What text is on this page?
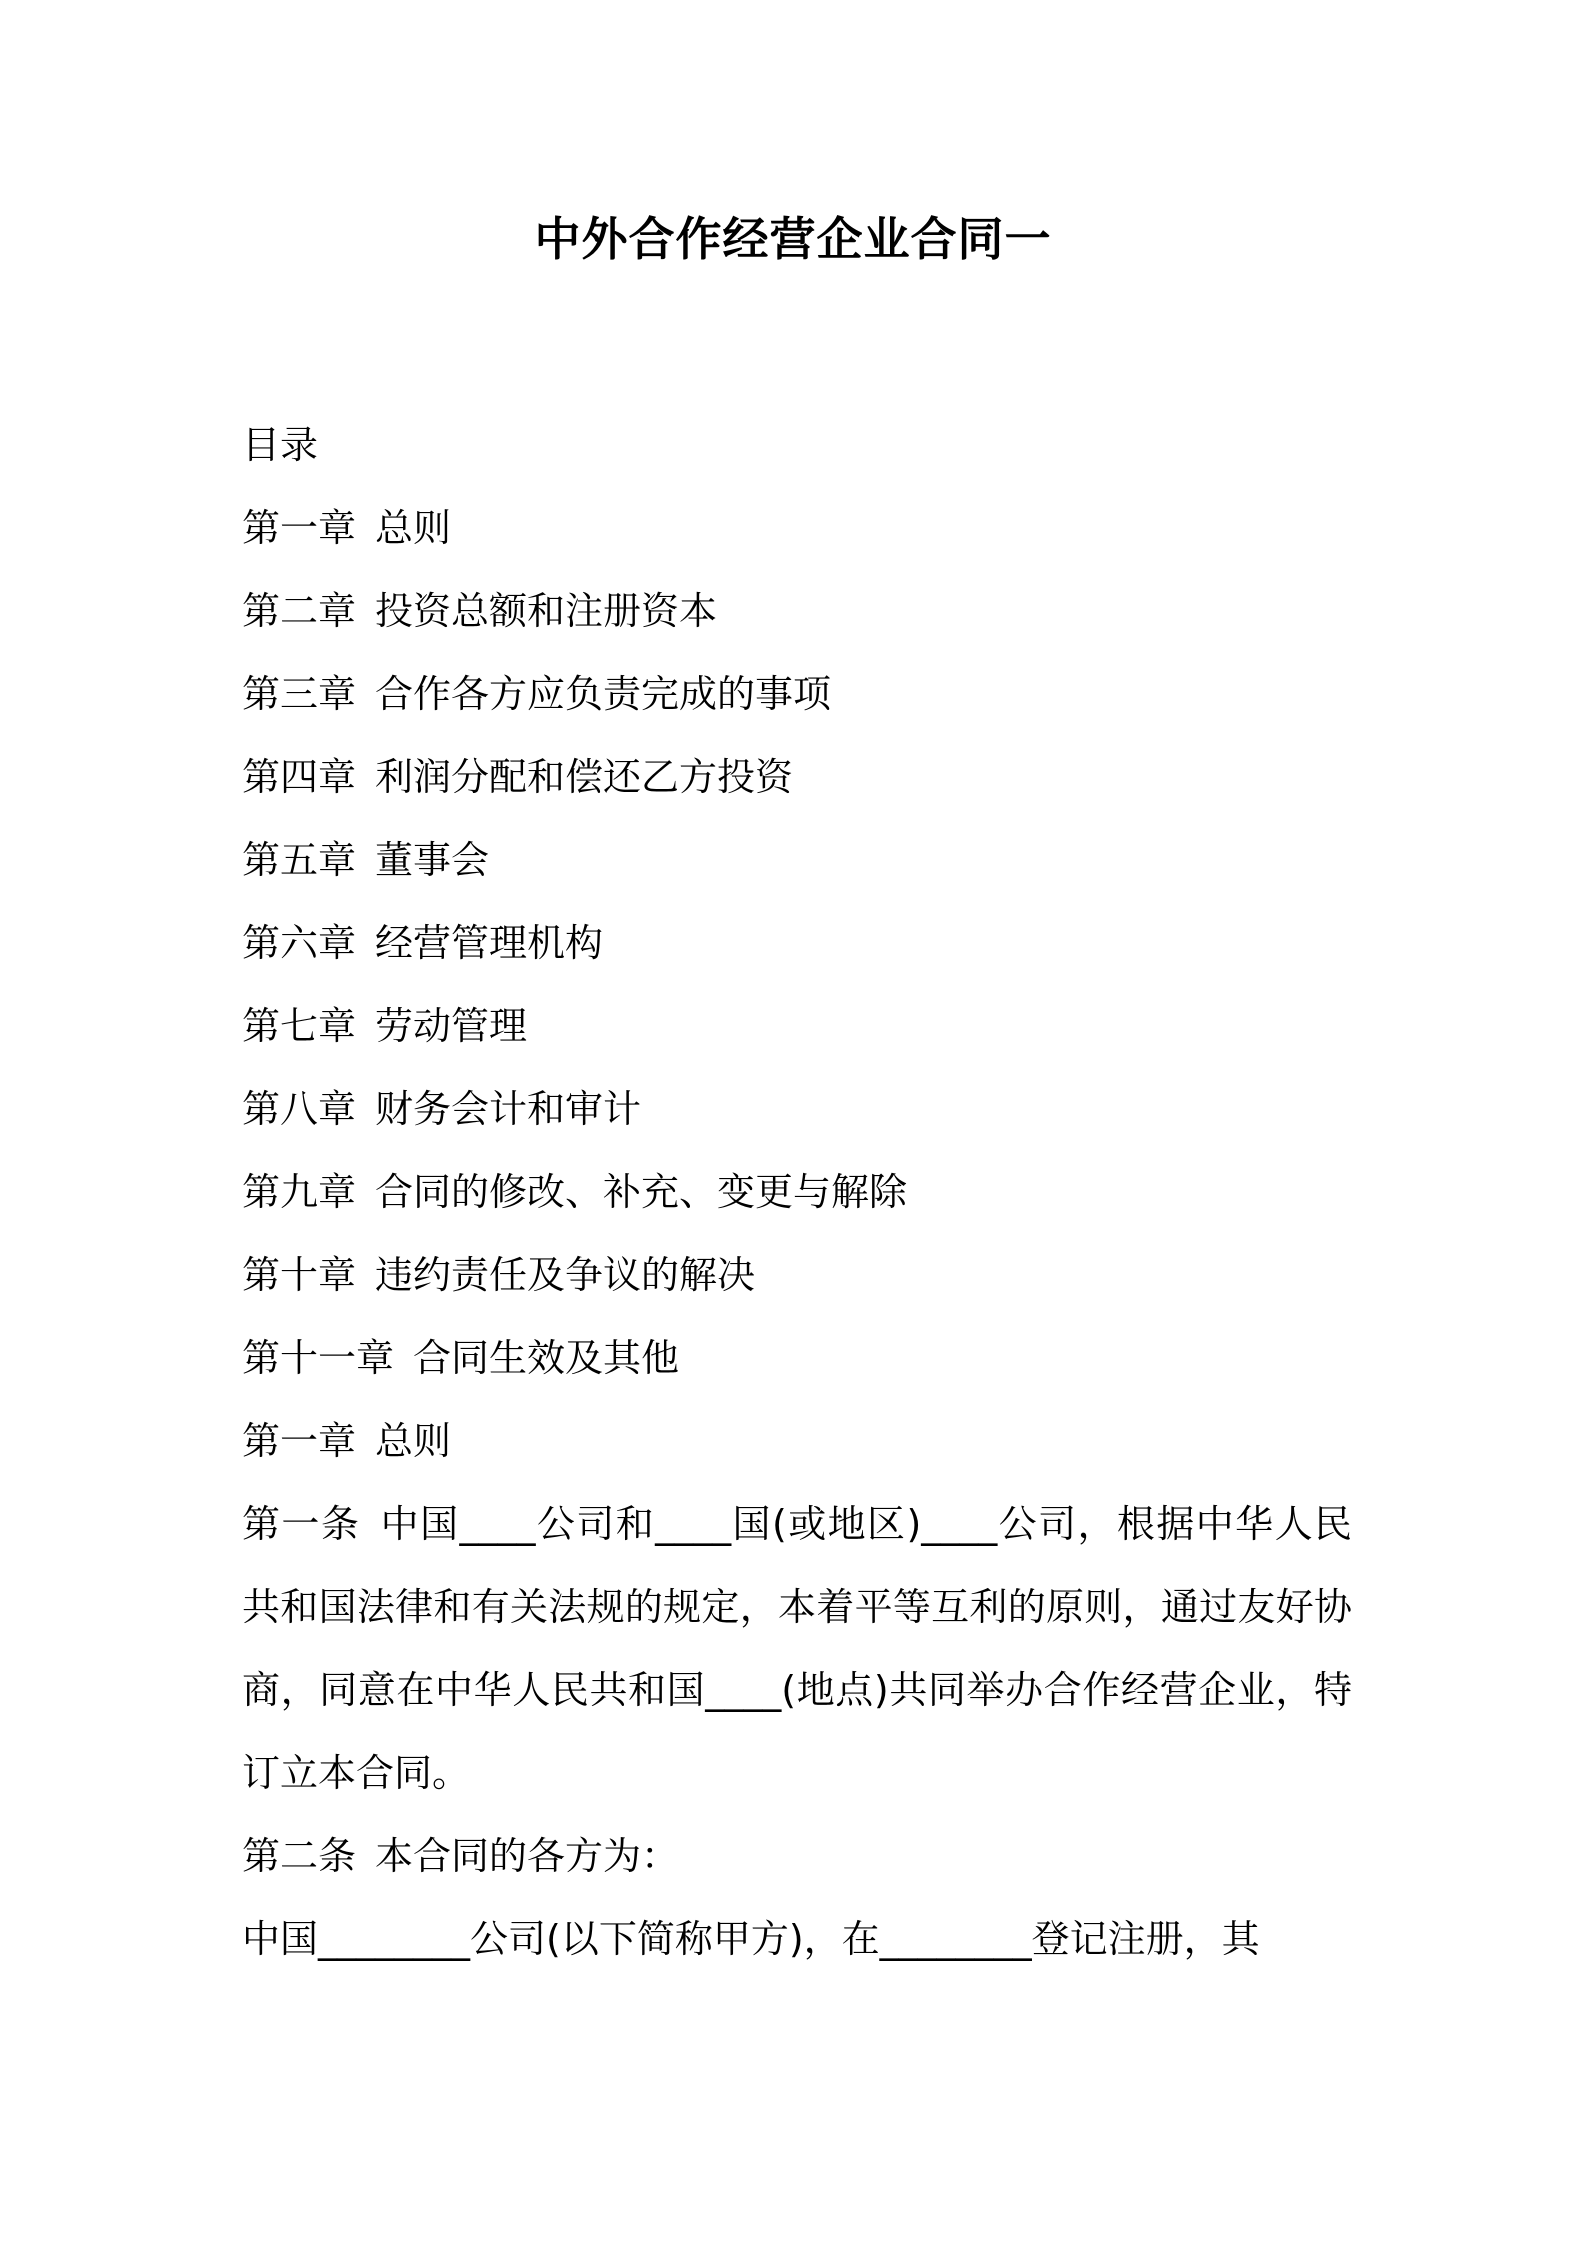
中外合作经营企业合同一
目录
第一章 总则
第二章 投资总额和注册资本
第三章 合作各方应负责完成的事项
第四章 利润分配和偿还乙方投资
第五章 董事会
第六章 经营管理机构
第七章 劳动管理
第八章 财务会计和审计
第九章 合同的修改、补充、变更与解除
第十章 违约责任及争议的解决
第十一章 合同生效及其他
第一章 总则
第一条 中国____公司和____国(或地区)____公司，根据中华人民共和国法律和有关法规的规定，本着平等互利的原则，通过友好协商，同意在中华人民共和国____(地点)共同举办合作经营企业，特订立本合同。
第二条 本合同的各方为：
中国________公司(以下简称甲方)，在________登记注册，其
